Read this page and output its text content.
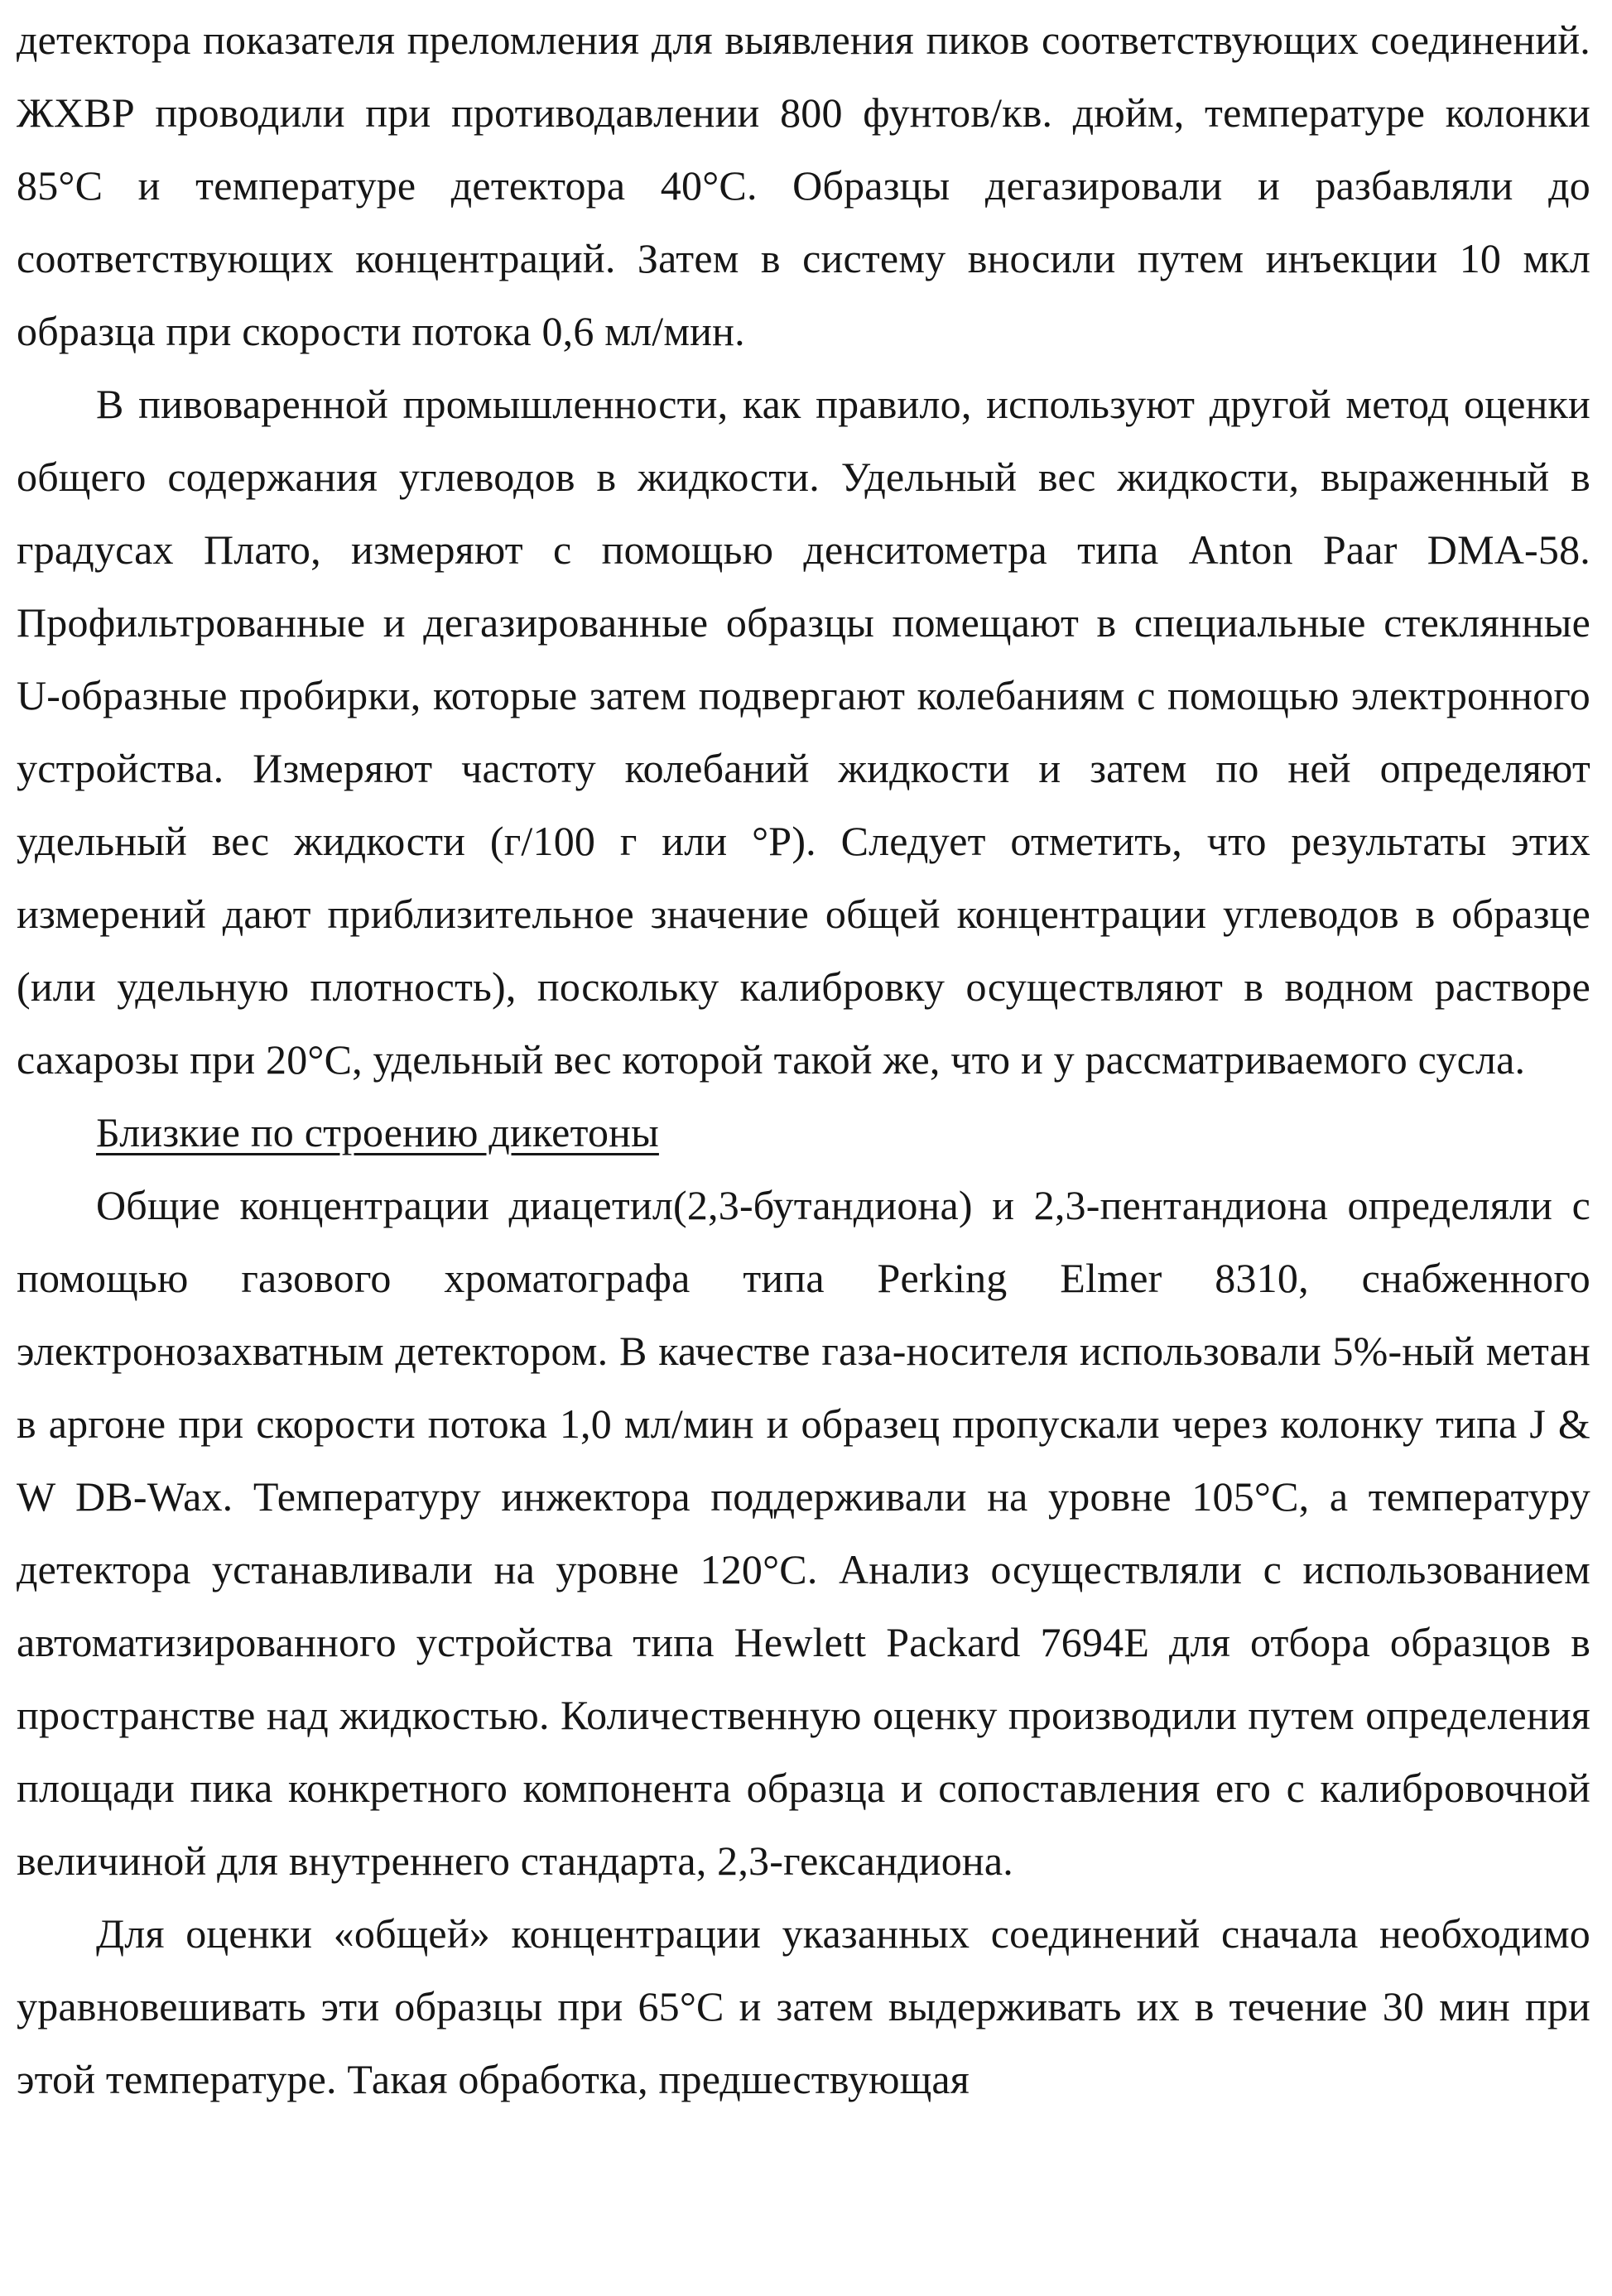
детектора показателя преломления для выявления пиков соответствующих соединений. ЖХВР проводили при противодавлении 800 фунтов/кв. дюйм, температуре колонки 85°С и температуре детектора 40°С. Образцы дегазировали и разбавляли до соответствующих концентраций. Затем в систему вносили путем инъекции 10 мкл образца при скорости потока 0,6 мл/мин.

В пивоваренной промышленности, как правило, используют другой метод оценки общего содержания углеводов в жидкости. Удельный вес жидкости, выраженный в градусах Плато, измеряют с помощью денситометра типа Anton Paar DMA-58. Профильтрованные и дегазированные образцы помещают в специальные стеклянные U-образные пробирки, которые затем подвергают колебаниям с помощью электронного устройства. Измеряют частоту колебаний жидкости и затем по ней определяют удельный вес жидкости (г/100 г или °Р). Следует отметить, что результаты этих измерений дают приблизительное значение общей концентрации углеводов в образце (или удельную плотность), поскольку калибровку осуществляют в водном растворе сахарозы при 20°С, удельный вес которой такой же, что и у рассматриваемого сусла.

Близкие по строению дикетоны

Общие концентрации диацетил(2,3-бутандиона) и 2,3-пентандиона определяли с помощью газового хроматографа типа Perking Elmer 8310, снабженного электронозахватным детектором. В качестве газа-носителя использовали 5%-ный метан в аргоне при скорости потока 1,0 мл/мин и образец пропускали через колонку типа J & W DB-Wax. Температуру инжектора поддерживали на уровне 105°С, а температуру детектора устанавливали на уровне 120°С. Анализ осуществляли с использованием автоматизированного устройства типа Hewlett Packard 7694E для отбора образцов в пространстве над жидкостью. Количественную оценку производили путем определения площади пика конкретного компонента образца и сопоставления его с калибровочной величиной для внутреннего стандарта, 2,3-гександиона.

Для оценки «общей» концентрации указанных соединений сначала необходимо уравновешивать эти образцы при 65°С и затем выдерживать их в течение 30 мин при этой температуре. Такая обработка, предшествующая
